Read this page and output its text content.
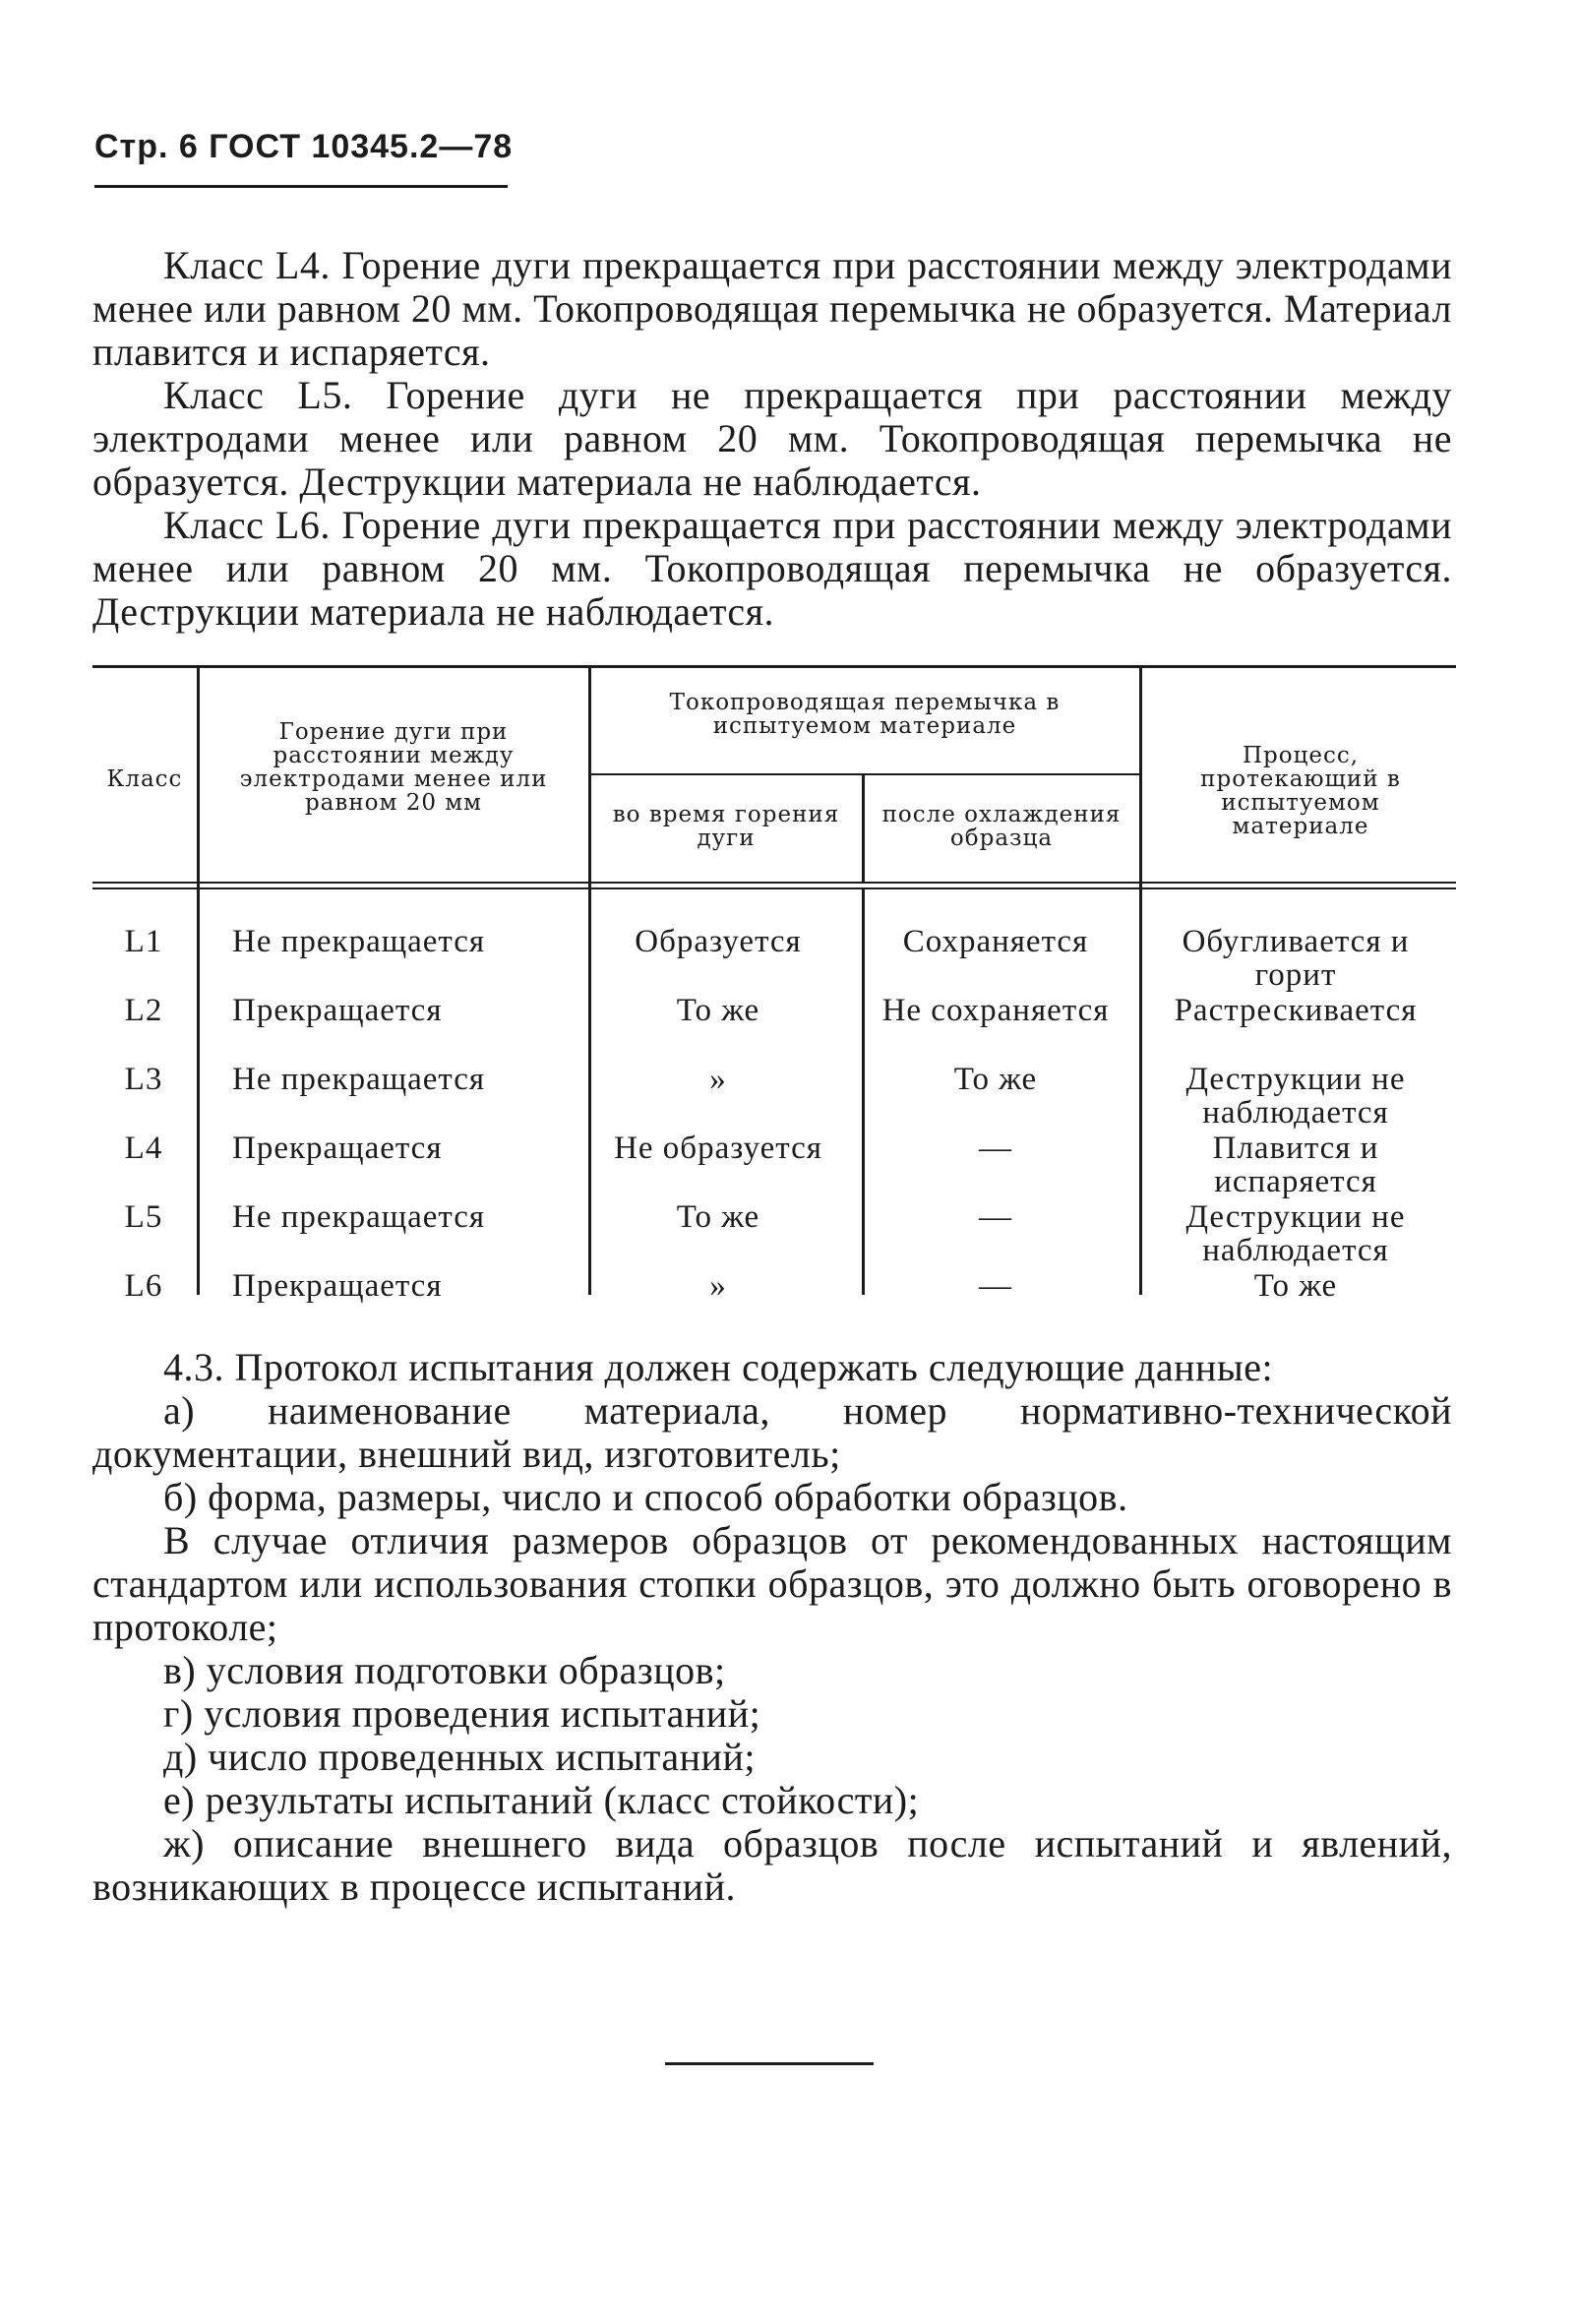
Стр. 6 ГОСТ 10345.2—78

Класс L4. Горение дуги прекращается при расстоянии между электродами менее или равном 20 мм. Токопроводящая перемычка не образуется. Материал плавится и испаряется.

Класс L5. Горение дуги не прекращается при расстоянии между электродами менее или равном 20 мм. Токопроводящая перемычка не образуется. Деструкции материала не наблюдается.

Класс L6. Горение дуги прекращается при расстоянии между электродами менее или равном 20 мм. Токопроводящая перемычка не образуется. Деструкции материала не наблюдается.

Класс
Горение дуги при расстоянии между электродами менее или равном 20 мм
Токопроводящая перемычка в испытуемом материале
во время горения дуги
после охлаждения образца
Процесс, протекающий в испытуемом материале
L1	Не прекращается	Образуется	Сохраняется	Обугливается и горит
L2	Прекращается	То же	Не сохраняется	Растрескивается
L3	Не прекращается	»	То же	Деструкции не наблюдается
L4	Прекращается	Не образуется	—	Плавится и испаряется
L5	Не прекращается	То же	—	Деструкции не наблюдается
L6	Прекращается	»	—	То же

4.3. Протокол испытания должен содержать следующие данные:

а) наименование материала, номер нормативно-технической документации, внешний вид, изготовитель;

б) форма, размеры, число и способ обработки образцов.

В случае отличия размеров образцов от рекомендованных настоящим стандартом или использования стопки образцов, это должно быть оговорено в протоколе;

в) условия подготовки образцов;

г) условия проведения испытаний;

д) число проведенных испытаний;

е) результаты испытаний (класс стойкости);

ж) описание внешнего вида образцов после испытаний и явлений, возникающих в процессе испытаний.
